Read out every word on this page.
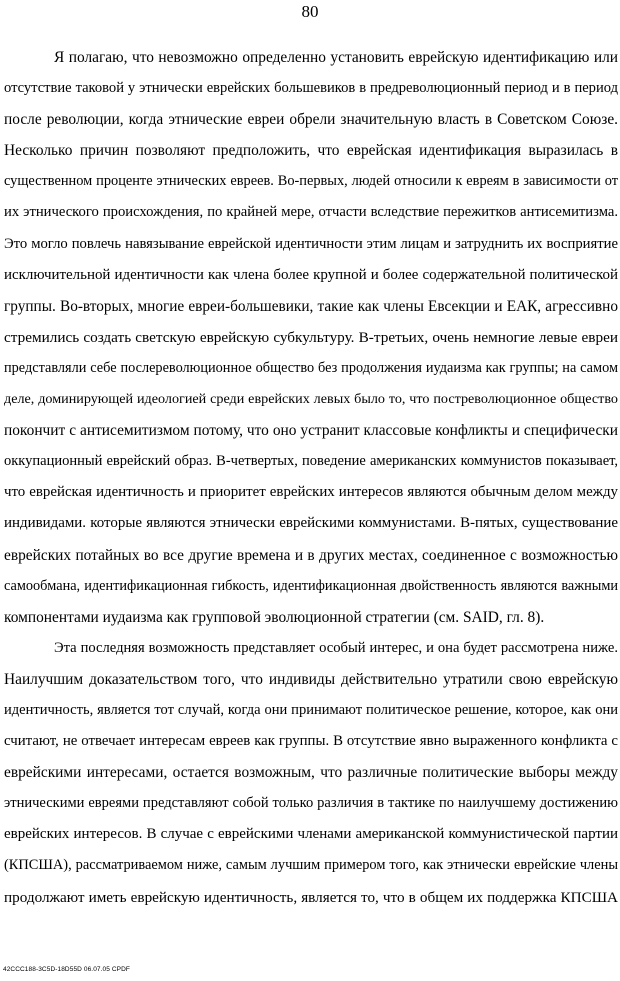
80
Я полагаю, что невозможно определенно установить еврейскую идентификацию или
отсутствие таковой у этнически еврейских большевиков в предреволюционный период и в период
после революции, когда этнические евреи обрели значительную власть в Советском Союзе.
Несколько причин позволяют предположить, что еврейская идентификация выразилась в
существенном проценте этнических евреев. Во-первых, людей относили к евреям в зависимости от
их этнического происхождения, по крайней мере, отчасти вследствие пережитков антисемитизма.
Это могло повлечь навязывание еврейской идентичности этим лицам и затруднить их восприятие
исключительной идентичности как члена более крупной и более содержательной политической
группы. Во-вторых, многие евреи-большевики, такие как члены Евсекции и ЕАК, агрессивно
стремились создать светскую еврейскую субкультуру. В-третьих, очень немногие левые евреи
представляли себе послереволюционное общество без продолжения иудаизма как группы; на самом
деле, доминирующей идеологией среди еврейских левых было то, что постреволюционное общество
покончит с антисемитизмом потому, что оно устранит классовые конфликты и специфически
оккупационный еврейский образ. В-четвертых, поведение американских коммунистов показывает,
что еврейская идентичность и приоритет еврейских интересов являются обычным делом между
индивидами. которые являются этнически еврейскими коммунистами. В-пятых, существование
еврейских потайных во все другие времена и в других местах, соединенное с возможностью
самообмана, идентификационная гибкость, идентификационная двойственность являются важными
компонентами иудаизма как групповой эволюционной стратегии (см. SAID, гл. 8).
Эта последняя возможность представляет особый интерес, и она будет рассмотрена ниже.
Наилучшим доказательством того, что индивиды действительно утратили свою еврейскую
идентичность, является тот случай, когда они принимают политическое решение, которое, как они
считают, не отвечает интересам евреев как группы. В отсутствие явно выраженного конфликта с
еврейскими интересами, остается возможным, что различные политические выборы между
этническими евреями представляют собой только различия в тактике по наилучшему достижению
еврейских интересов. В случае с еврейскими членами американской коммунистической партии
(КПСША), рассматриваемом ниже, самым лучшим примером того, как этнически еврейские члены
продолжают иметь еврейскую идентичность, является то, что в общем их поддержка КПСША
42CCC188-3C5D-18D55D 06.07.05 CPDF
